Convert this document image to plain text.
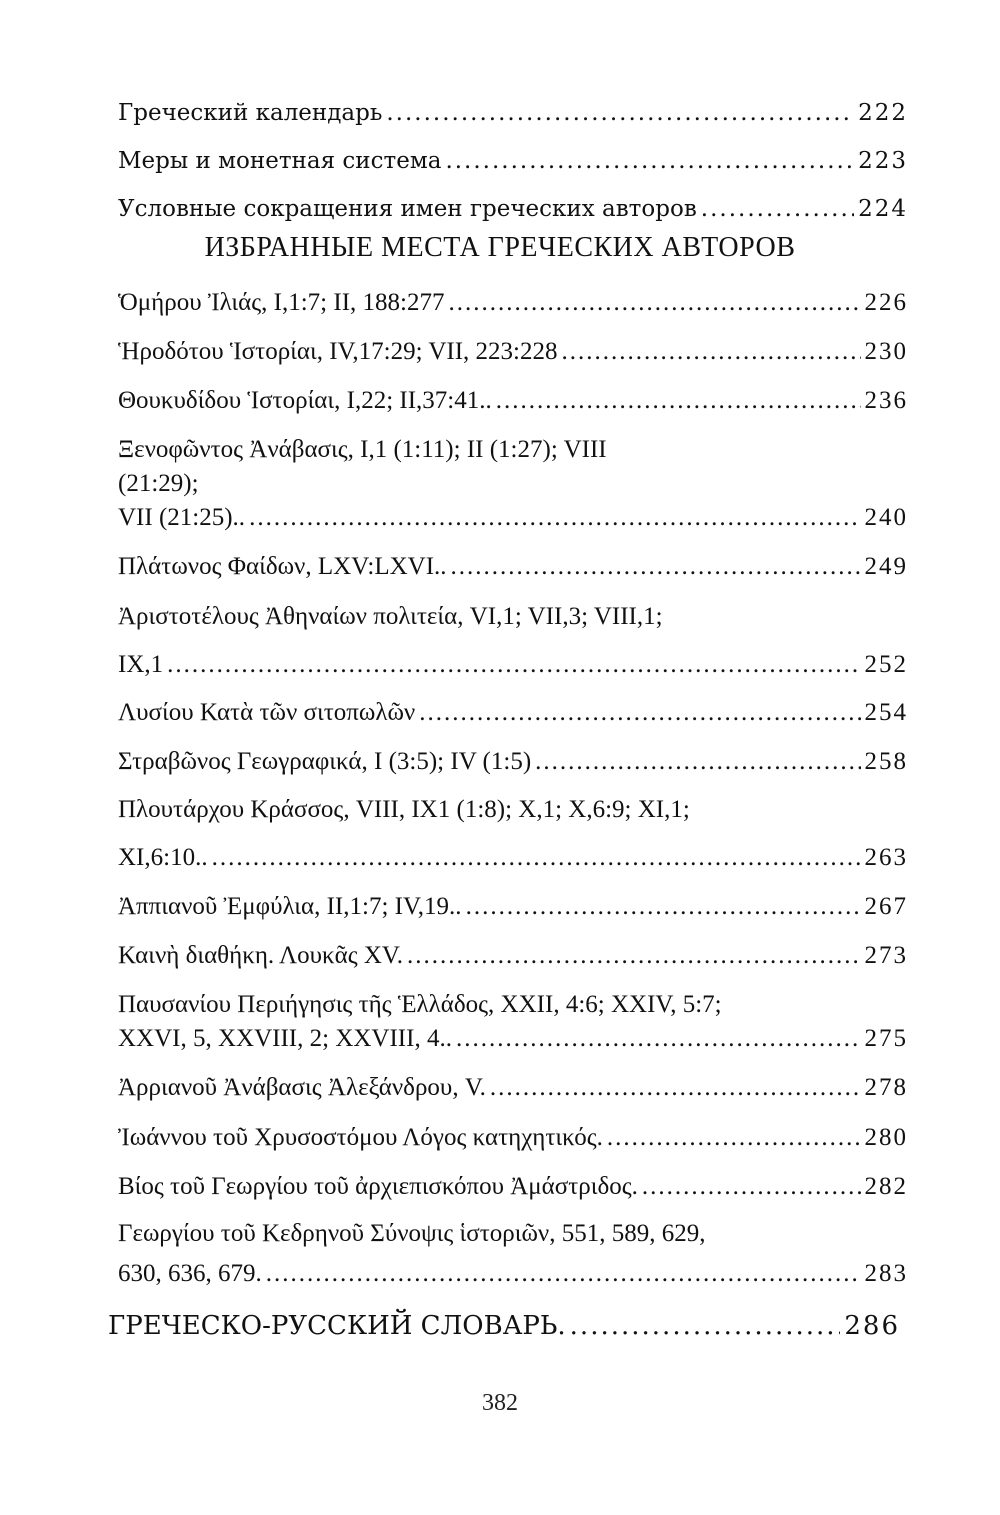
Греческий календарь .....	222
Меры и монетная система .....	223
Условные сокращения имен греческих авторов .....	224
ИЗБРАННЫЕ МЕСТА ГРЕЧЕСКИХ АВТОРОВ
Ὁμήρου Ἰλιάς, I,1:7; II, 188:277 .....	226
Ἡροδότου Ἱστορίαι, IV,17:29; VII, 223:228 .....	230
Θουκυδίδου Ἱστορίαι, I,22; II,37:41.. .....	236
Ξενοφῶντος Ἀνάβασις, I,1 (1:11); II (1:27); VIII
(21:29);
VII (21:25).. .....	240
Πλάτωνος Φαίδων, LXV:LXVI.. .....	249
Ἀριστοτέλους Ἀθηναίων πολιτεία, VI,1; VII,3; VIII,1;
IX,1 .....	252
Λυσίου Κατὰ τῶν σιτοπωλῶν .....	254
Στραβῶνος Γεωγραφικά, I (3:5); IV (1:5) .....	258
Πλουτάρχου Κράσσος, VIII, IX1 (1:8); X,1; X,6:9; XI,1;
XI,6:10.. .....	263
Ἀππιανοῦ Ἐμφύλια, II,1:7; IV,19.. .....	267
Καινὴ διαθήκη. Λουκᾶς XV. .....	273
Παυσανίου Περιήγησις τῆς Ἑλλάδος, XXII, 4:6; XXIV, 5:7;
XXVI, 5, XXVIII, 2; XXVIII, 4.. .....	275
Ἀρριανοῦ Ἀνάβασις Ἀλεξάνδρου, V. .....	278
Ἰωάννου τοῦ Χρυσοστόμου Λόγος κατηχητικός. .....	280
Βίος τοῦ Γεωργίου τοῦ ἀρχιεπισκόπου Ἀμάστριδος. .....	282
Γεωργίου τοῦ Κεδρηνοῦ Σύνοψις ἱστοριῶν, 551, 589, 629,
630, 636, 679. .....	283
ГРЕЧЕСКО-РУССКИЙ СЛОВАРЬ. .....	286
382
